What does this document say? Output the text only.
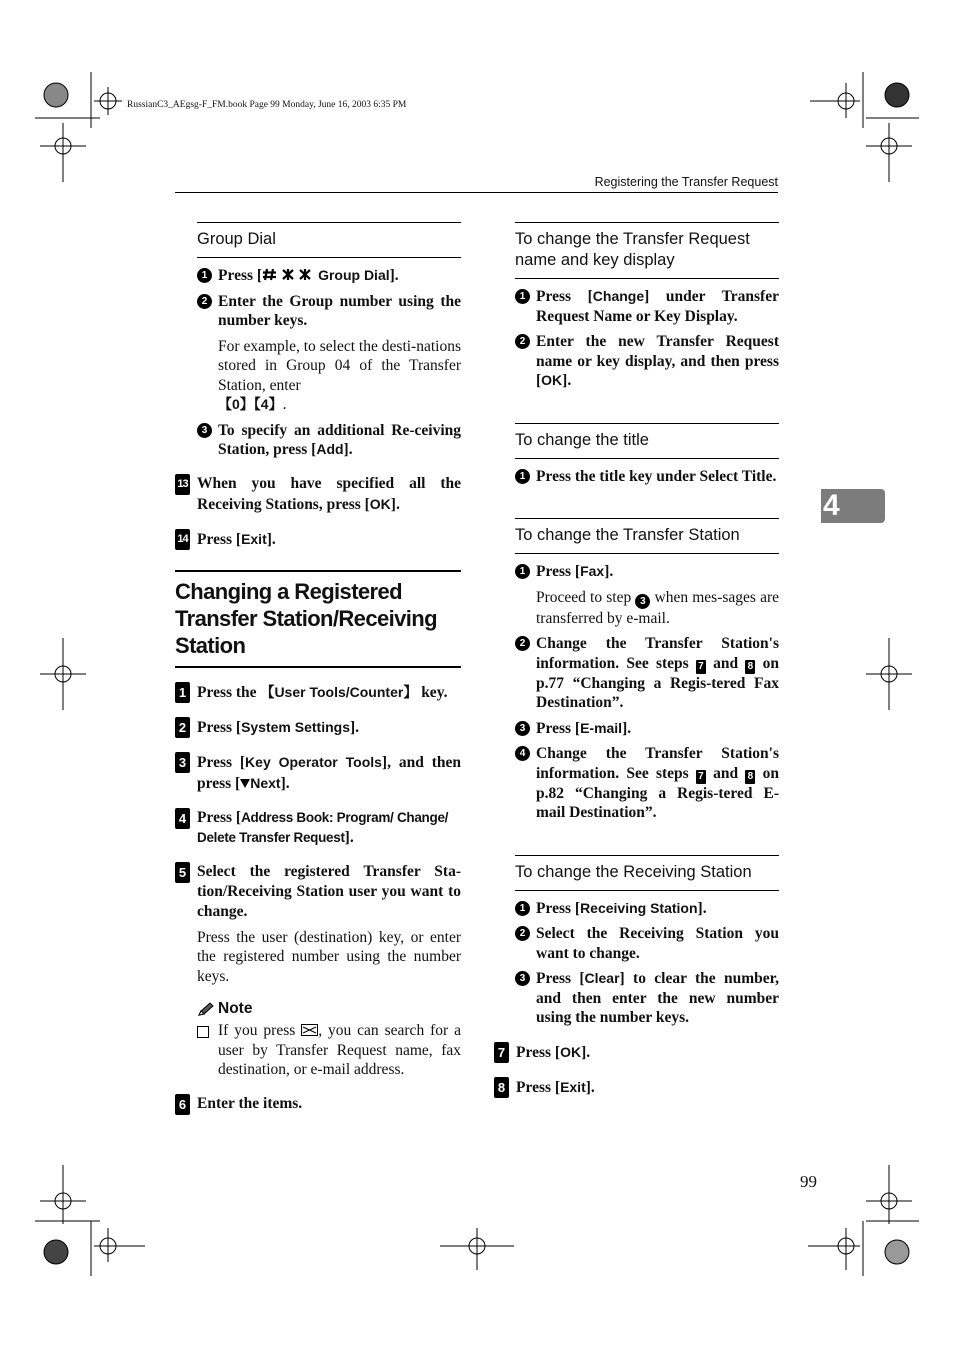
RussianC3_AEgsg-F_FM.book Page 99 Monday, June 16, 2003 6:35 PM
Registering the Transfer Request
4
99
Group Dial
1 Press [	Group Dial].
2 Enter the Group number using the number keys.
For example, to select the desti-nations stored in Group 04 of the Transfer Station, enter
【0】【4】.
3 To specify an additional Re-ceiving Station, press [Add].
13 When you have specified all the Receiving Stations, press [OK].
14 Press [Exit].
Changing a Registered Transfer Station/Receiving Station
1 Press the 【User Tools/Counter】 key.
2 Press [System Settings].
3 Press [Key Operator Tools], and then press [ Next].
4 Press [Address Book: Program/ Change/ Delete Transfer Request].
5 Select the registered Transfer Sta-tion/Receiving Station user you want to change.
Press the user (destination) key, or enter the registered number using the number keys.
Note
If you press , you can search for a user by Transfer Request name, fax destination, or e-mail address.
6 Enter the items.
To change the Transfer Request name and key display
1 Press [Change] under Transfer Request Name or Key Display.
2 Enter the new Transfer Request name or key display, and then press [OK].
To change the title
1 Press the title key under Select Title.
To change the Transfer Station
1 Press [Fax].
Proceed to step 3 when mes-sages are transferred by e-mail.
2 Change the Transfer Station's information. See steps 7 and 8 on p.77 “Changing a Regis-tered Fax Destination”.
3 Press [E-mail].
4 Change the Transfer Station's information. See steps 7 and 8 on p.82 “Changing a Regis-tered E-mail Destination”.
To change the Receiving Station
1 Press [Receiving Station].
2 Select the Receiving Station you want to change.
3 Press [Clear] to clear the number, and then enter the new number using the number keys.
7 Press [OK].
8 Press [Exit].
